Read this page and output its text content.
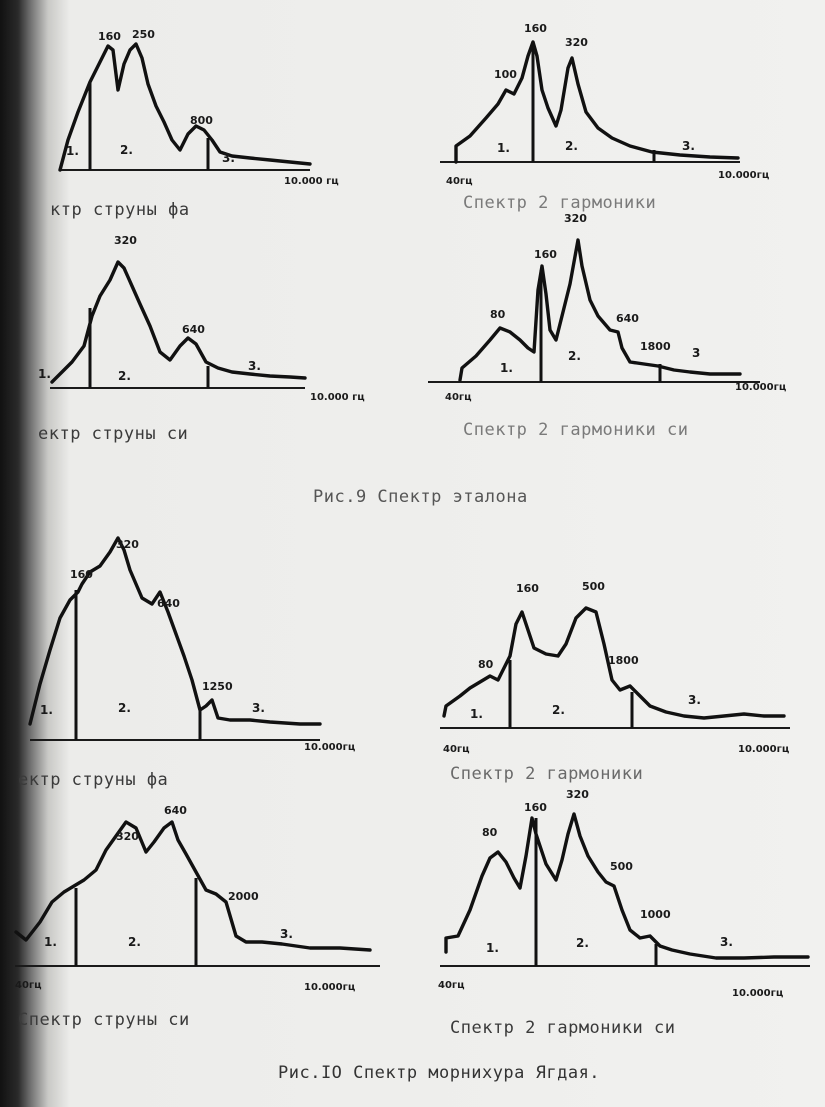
10.000 гц
160 250
800
1.	2.
3.
40гц
10.000гц
100
160
320
1.	2.	3.
10.000 гц
320
640
1.	2.
3.
40гц
10.000гц
80
160
320
640
1800
1.
2.	3
10.000гц
160
320
640
1250
1.	2.	3.
40гц	10.000гц
80
160	500
1800
1.	2.
3.
40гц	10.000гц
320
640
2000
1.	2.
3.
40гц
10.000гц
80
160
320
500
1000
1.	2.	3.
ктр струны фа	Спектр 2 гармоники
ектр струны си	Спектр 2 гармоники си
Рис.9 Спектр эталона
ектр струны фа	Спектр 2 гармоники
Спектр струны си	Спектр 2 гармоники си
Рис.IO Спектр морнихура Ягдая.
